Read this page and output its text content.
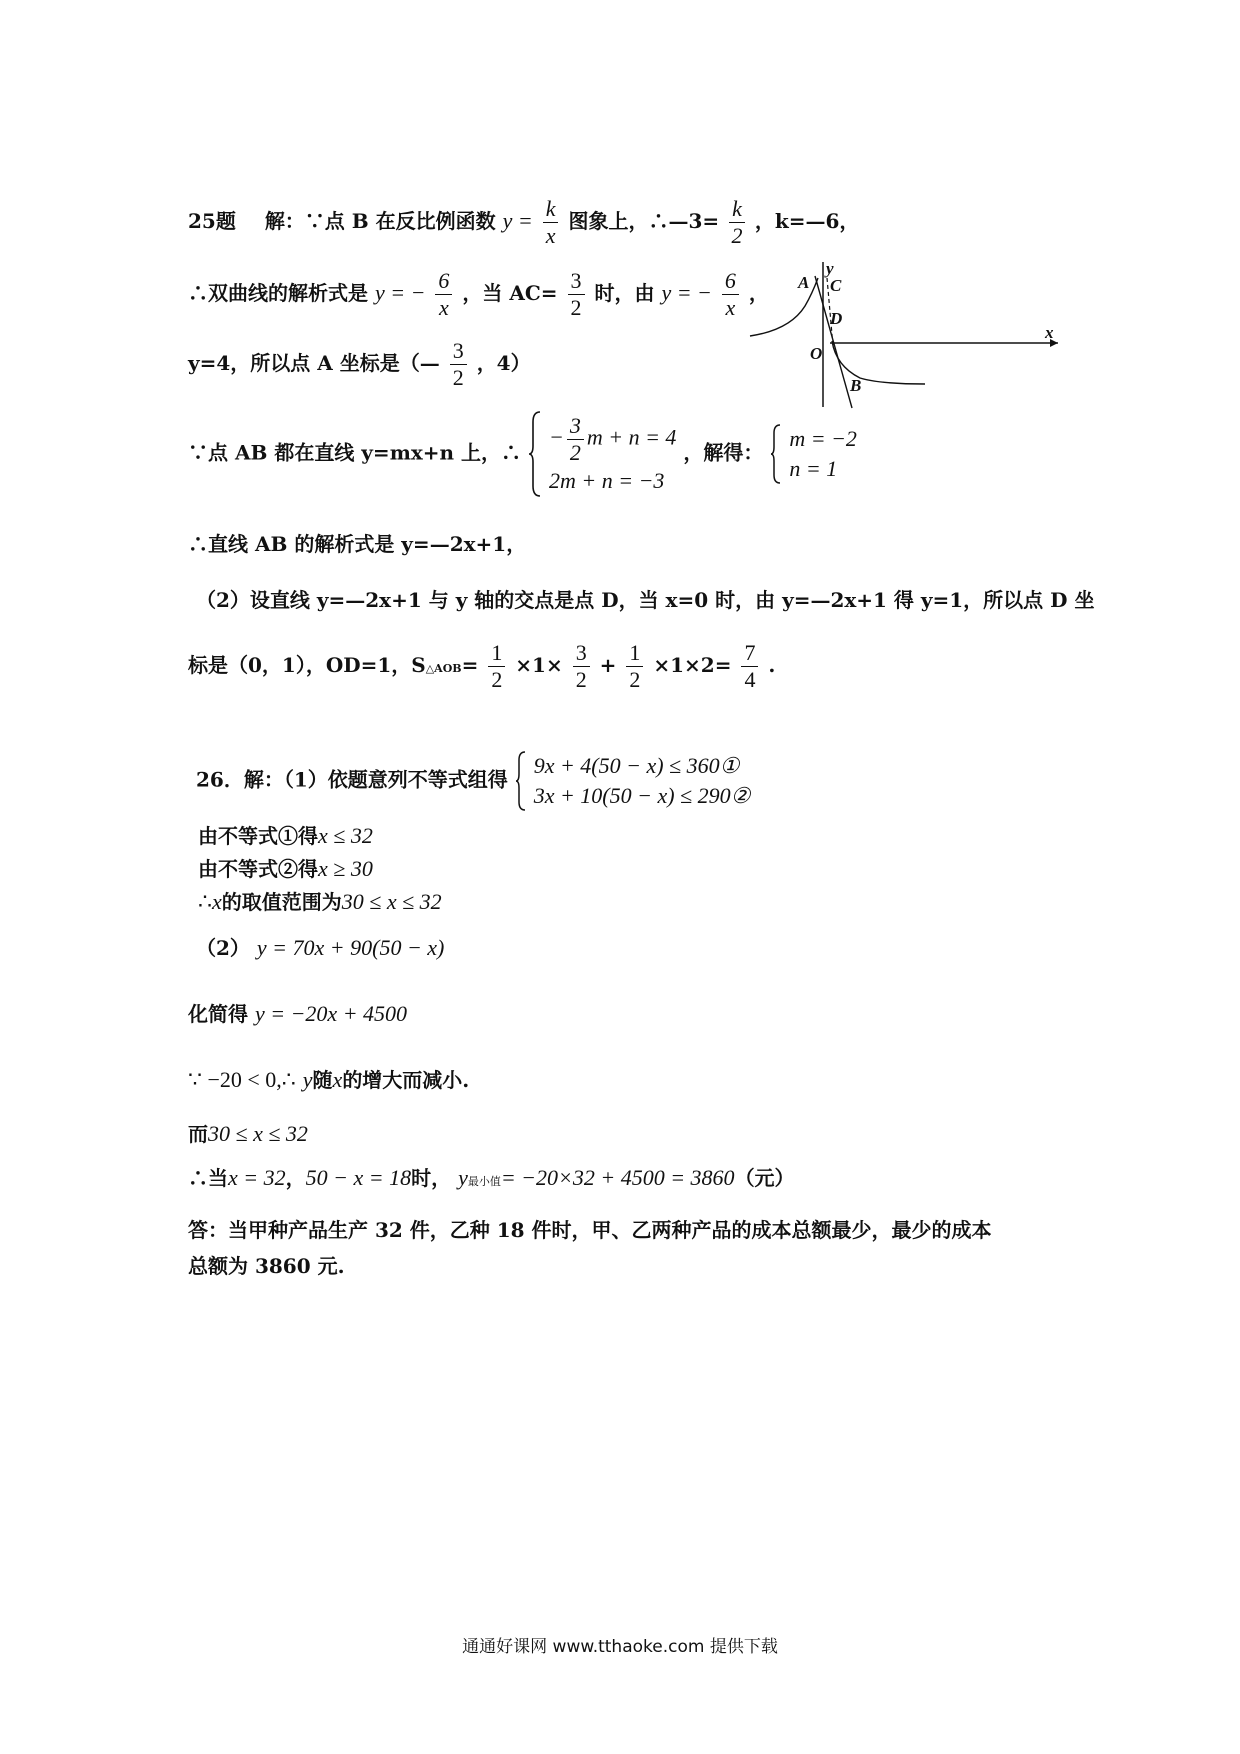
25题 解：∵点 B 在反比例函数 $y = \frac{k}{x}$ 图象上，∴—3= $\frac{k}{2}$ ，k=—6，
∴双曲线的解析式是 y = − $\frac{6}{x}$ ，当 $AC= \frac{3}{2}$ 时，由 y = − $\frac{6}{x}$ ，
y=4，所以点 A 坐标是（— $\frac{3}{2}$ ，4）
∵点 AB 都在直线 y=mx+n 上，∴
− $\frac{3}{2}$ m + n = 4
2m + n = −3
，解得：
m = −2
n = 1
A
y
C
D
O
B
x
∴直线 AB 的解析式是 y=—2x+1，
（2）设直线 y=—2x+1 与 y 轴的交点是点 D，当 x=0 时，由 y=—2x+1 得 y=1，所以点 D 坐
标是（0，1），OD=1，S△AOB= $\frac{1}{2} \times 1\times \frac{3}{2} + \frac{1}{2} \times 1\times 2= \frac{7}{4}$ .
26．解：（1）依题意列不等式组得
9x + 4(50 − x) ≤ 360①
3x + 10(50 − x) ≤ 290②
由不等式①得x ≤ 32
由不等式②得x ≥ 30
∴x的取值范围为30 ≤ x ≤ 32
（2） y = 70x + 90(50 − x)
化简得 y = −20x + 4500
∵ −20 < 0,∴ y随x的增大而减小.
而30 ≤ x ≤ 32
∴当x = 32，50 − x = 18时， y最小值= −20×32 + 4500 = 3860（元）
答：当甲种产品生产 32 件，乙种 18 件时，甲、乙两种产品的成本总额最少，最少的成本
总额为 3860 元.
通通好课网 www.tthaoke.com 提供下载
